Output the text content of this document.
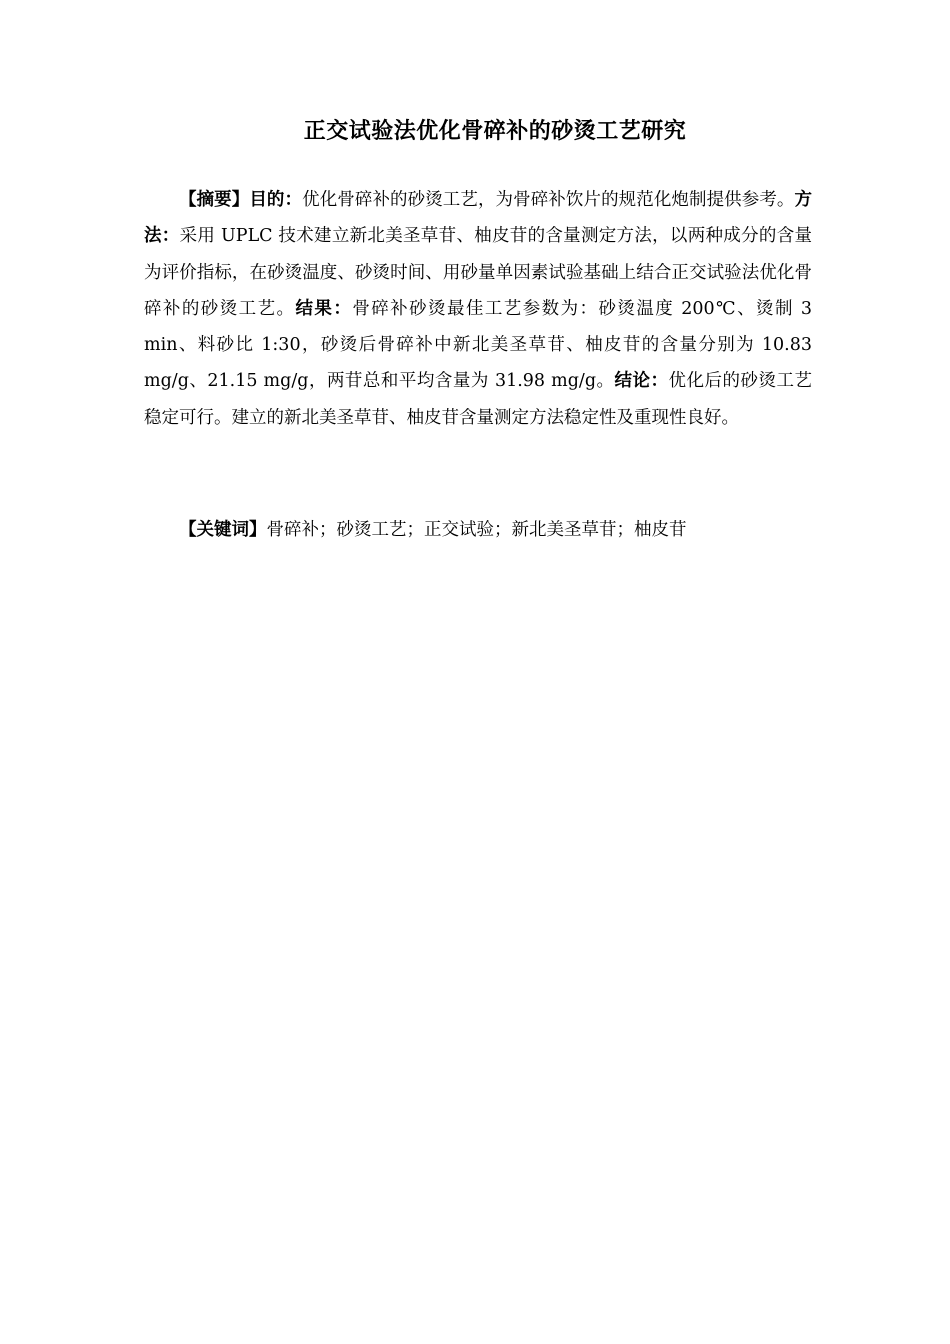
正交试验法优化骨碎补的砂烫工艺研究
【摘要】目的：优化骨碎补的砂烫工艺，为骨碎补饮片的规范化炮制提供参考。方法：采用 UPLC 技术建立新北美圣草苷、柚皮苷的含量测定方法，以两种成分的含量为评价指标，在砂烫温度、砂烫时间、用砂量单因素试验基础上结合正交试验法优化骨碎补的砂烫工艺。结果：骨碎补砂烫最佳工艺参数为：砂烫温度 200℃、烫制 3 min、料砂比 1:30，砂烫后骨碎补中新北美圣草苷、柚皮苷的含量分别为 10.83 mg/g、21.15 mg/g，两苷总和平均含量为 31.98 mg/g。结论：优化后的砂烫工艺稳定可行。建立的新北美圣草苷、柚皮苷含量测定方法稳定性及重现性良好。
【关键词】骨碎补；砂烫工艺；正交试验；新北美圣草苷；柚皮苷
